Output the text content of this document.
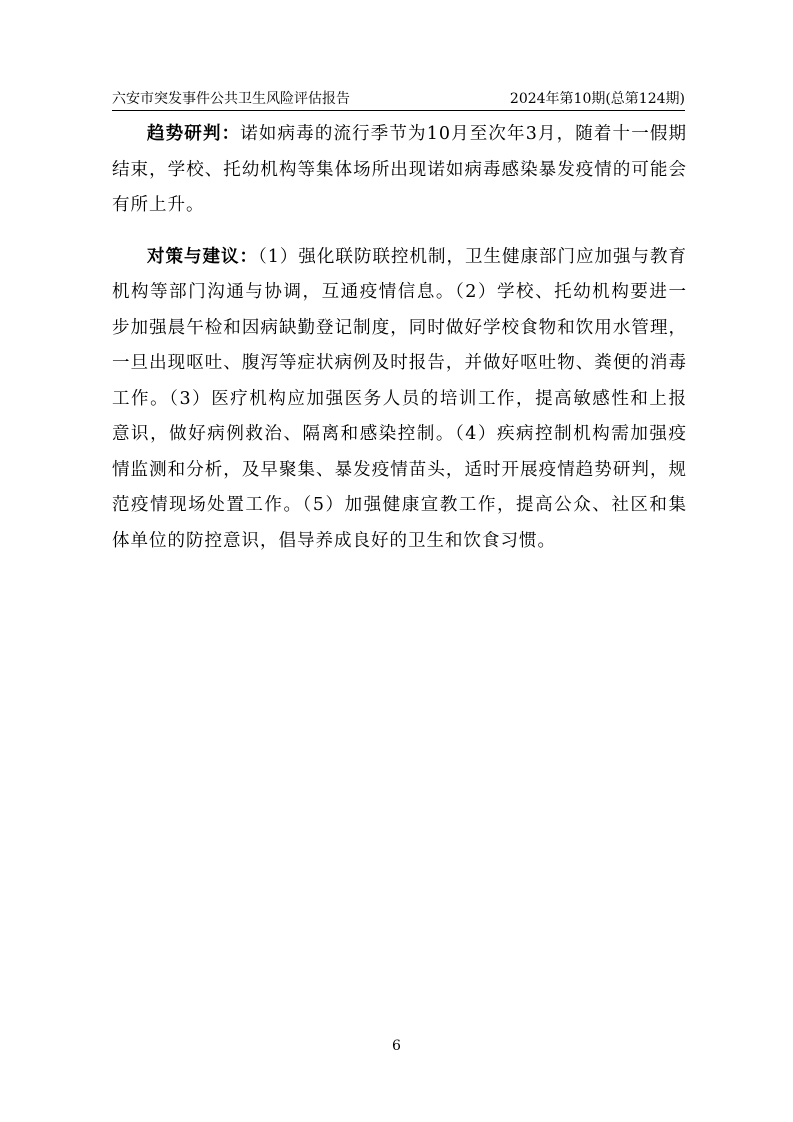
六安市突发事件公共卫生风险评估报告	2024年第10期(总第124期)

趋势研判：诺如病毒的流行季节为10月至次年3月，随着十一假期结束，学校、托幼机构等集体场所出现诺如病毒感染暴发疫情的可能会有所上升。

对策与建议：（1）强化联防联控机制，卫生健康部门应加强与教育机构等部门沟通与协调，互通疫情信息。（2）学校、托幼机构要进一步加强晨午检和因病缺勤登记制度，同时做好学校食物和饮用水管理，一旦出现呕吐、腹泻等症状病例及时报告，并做好呕吐物、粪便的消毒工作。（3）医疗机构应加强医务人员的培训工作，提高敏感性和上报意识，做好病例救治、隔离和感染控制。（4）疾病控制机构需加强疫情监测和分析，及早聚集、暴发疫情苗头，适时开展疫情趋势研判，规范疫情现场处置工作。（5）加强健康宣教工作，提高公众、社区和集体单位的防控意识，倡导养成良好的卫生和饮食习惯。

6
